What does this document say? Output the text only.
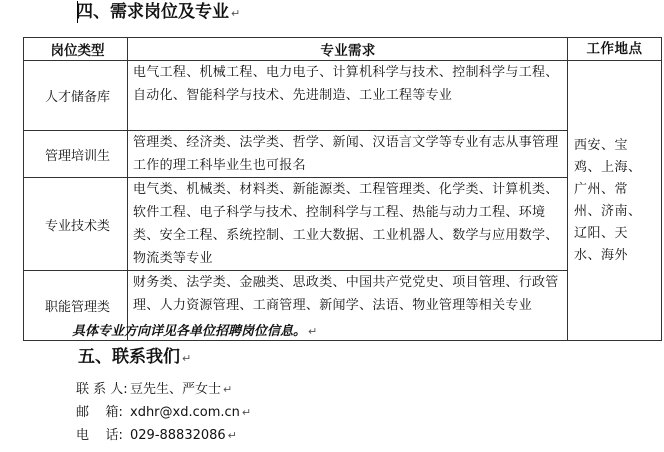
四、需求岗位及专业 ↵
岗位类型	专业需求	工作地点
人才储备库	电气工程、机械工程、电力电子、计算机科学与技术、控制科学与工程、自动化、智能科学与技术、先进制造、工业工程等专业	西安、宝鸡、上海、广州、常州、济南、辽阳、天水、海外
管理培训生	管理类、经济类、法学类、哲学、新闻、汉语言文学等专业有志从事管理工作的理工科毕业生也可报名	
专业技术类	电气类、机械类、材料类、新能源类、工程管理类、化学类、计算机类、软件工程、电子科学与技术、控制科学与工程、热能与动力工程、环境类、安全工程、系统控制、工业大数据、工业机器人、数学与应用数学、物流类等专业	
职能管理类	财务类、法学类、金融类、思政类、中国共产党党史、项目管理、行政管理、人力资源管理、工商管理、新闻学、法语、物业管理等相关专业	
具体专业方向详见各单位招聘岗位信息。 ↵
五、联系我们 ↵
联 系 人: 豆先生、严女士 ↵
邮    箱: xdhr@xd.com.cn ↵
电    话: 029-88832086 ↵
